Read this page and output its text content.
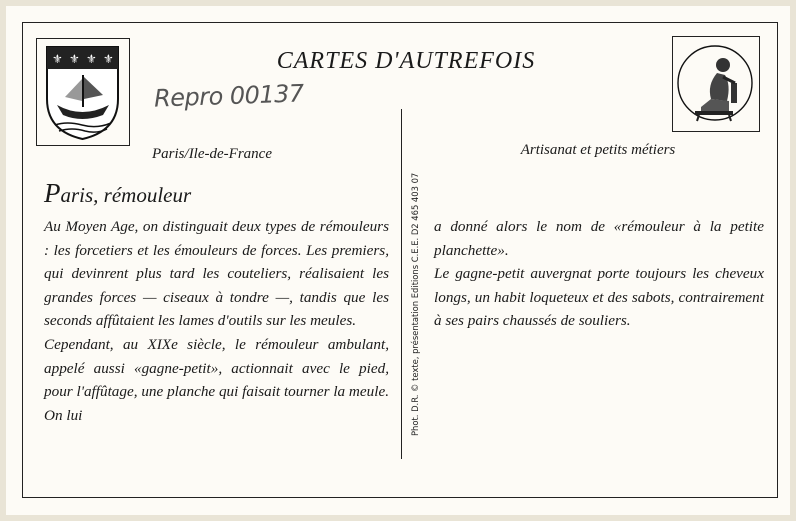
⚜ ⚜ ⚜ ⚜	CARTES D'AUTREFOIS
Repro 00137
Paris/Ile-de-France	Artisanat et petits métiers
Paris, rémouleur

Au Moyen Age, on distinguait deux types de rémouleurs : les forcetiers et les émouleurs de forces. Les premiers, qui devinrent plus tard les couteliers, réalisaient les grandes forces — ciseaux à tondre —, tandis que les seconds affûtaient les lames d'outils sur les meules.

Cependant, au XIXe siècle, le rémouleur ambulant, appelé aussi «gagne-petit», actionnait avec le pied, pour l'affûtage, une planche qui faisait tourner la meule. On lui	Phot. D.R. © texte, présentation Editions C.E.E. D2 465 403 07 a donné alors le nom de «rémouleur à la petite planchette».

Le gagne-petit auvergnat porte toujours les cheveux longs, un habit loqueteux et des sabots, contrairement à ses pairs chaussés de souliers.
